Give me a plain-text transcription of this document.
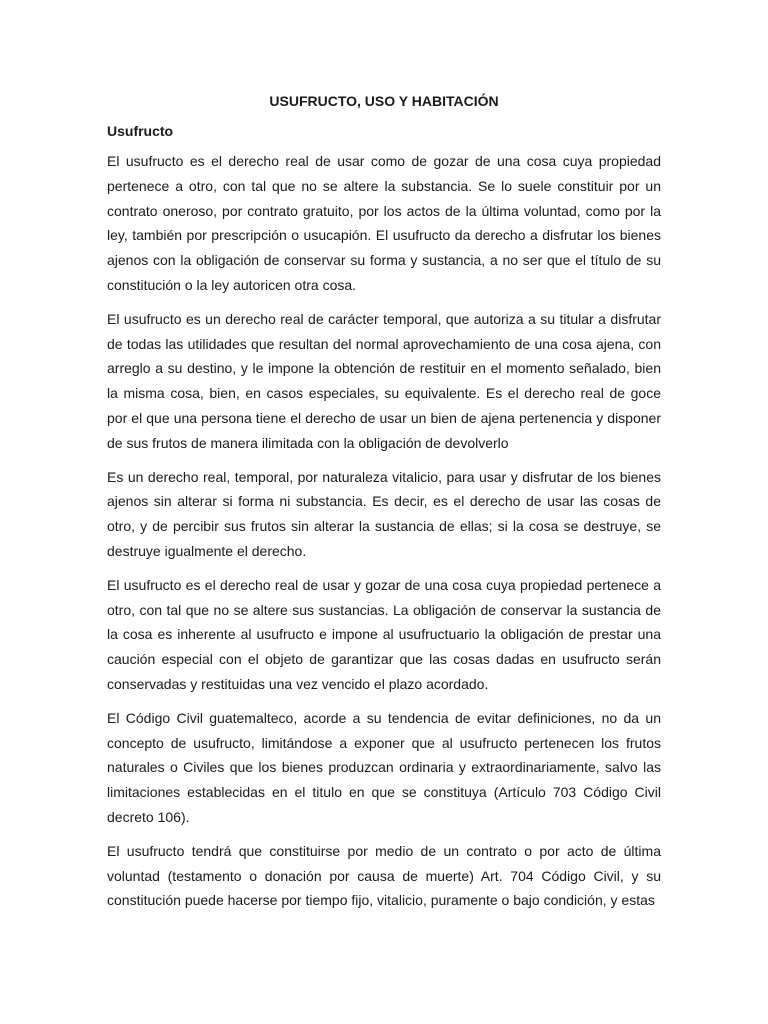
USUFRUCTO, USO Y HABITACIÓN
Usufructo

El usufructo es el derecho real de usar como de gozar de una cosa cuya propiedad pertenece a otro, con tal que no se altere la substancia. Se lo suele constituir por un contrato oneroso, por contrato gratuito, por los actos de la última voluntad, como por la ley, también por prescripción o usucapión. El usufructo da derecho a disfrutar los bienes ajenos con la obligación de conservar su forma y sustancia, a no ser que el título de su constitución o la ley autoricen otra cosa.

El usufructo es un derecho real de carácter temporal, que autoriza a su titular a disfrutar de todas las utilidades que resultan del normal aprovechamiento de una cosa ajena, con arreglo a su destino, y le impone la obtención de restituir en el momento señalado, bien la misma cosa, bien, en casos especiales, su equivalente. Es el derecho real de goce por el que una persona tiene el derecho de usar un bien de ajena pertenencia y disponer de sus frutos de manera ilimitada con la obligación de devolverlo

Es un derecho real, temporal, por naturaleza vitalicio, para usar y disfrutar de los bienes ajenos sin alterar si forma ni substancia. Es decir, es el derecho de usar las cosas de otro, y de percibir sus frutos sin alterar la sustancia de ellas; si la cosa se destruye, se destruye igualmente el derecho.

El usufructo es el derecho real de usar y gozar de una cosa cuya propiedad pertenece a otro, con tal que no se altere sus sustancias. La obligación de conservar la sustancia de la cosa es inherente al usufructo e impone al usufructuario la obligación de prestar una caución especial con el objeto de garantizar que las cosas dadas en usufructo serán conservadas y restituidas una vez vencido el plazo acordado.

El Código Civil guatemalteco, acorde a su tendencia de evitar definiciones, no da un concepto de usufructo, limitándose a exponer que al usufructo pertenecen los frutos naturales o Civiles que los bienes produzcan ordinaria y extraordinariamente, salvo las limitaciones establecidas en el titulo en que se constituya (Artículo 703 Código Civil decreto 106).

El usufructo tendrá que constituirse por medio de un contrato o por acto de última voluntad (testamento o donación por causa de muerte) Art. 704 Código Civil, y su constitución puede hacerse por tiempo fijo, vitalicio, puramente o bajo condición, y estas
